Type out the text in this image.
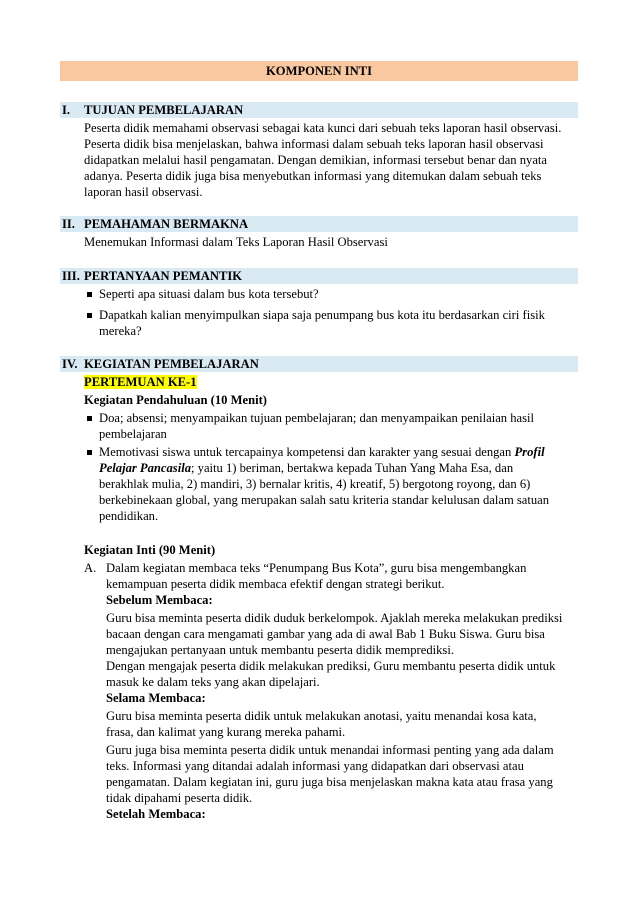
KOMPONEN INTI
I. TUJUAN PEMBELAJARAN
Peserta didik memahami observasi sebagai kata kunci dari sebuah teks laporan hasil observasi.
Peserta didik bisa menjelaskan, bahwa informasi dalam sebuah teks laporan hasil observasi
didapatkan melalui hasil pengamatan. Dengan demikian, informasi tersebut benar dan nyata
adanya. Peserta didik juga bisa menyebutkan informasi yang ditemukan dalam sebuah teks
laporan hasil observasi.
II. PEMAHAMAN BERMAKNA
Menemukan Informasi dalam Teks Laporan Hasil Observasi
III. PERTANYAAN PEMANTIK
Seperti apa situasi dalam bus kota tersebut?
Dapatkah kalian menyimpulkan siapa saja penumpang bus kota itu berdasarkan ciri fisik
mereka?
IV. KEGIATAN PEMBELAJARAN
PERTEMUAN KE-1
Kegiatan Pendahuluan (10 Menit)
Doa; absensi; menyampaikan tujuan pembelajaran; dan menyampaikan penilaian hasil
pembelajaran
Memotivasi siswa untuk tercapainya kompetensi dan karakter yang sesuai dengan Profil
Pelajar Pancasila; yaitu 1) beriman, bertakwa kepada Tuhan Yang Maha Esa, dan
berakhlak mulia, 2) mandiri, 3) bernalar kritis, 4) kreatif, 5) bergotong royong, dan 6)
berkebinekaan global, yang merupakan salah satu kriteria standar kelulusan dalam satuan
pendidikan.
Kegiatan Inti (90 Menit)
A. Dalam kegiatan membaca teks “Penumpang Bus Kota”, guru bisa mengembangkan
kemampuan peserta didik membaca efektif dengan strategi berikut.
Sebelum Membaca:
Guru bisa meminta peserta didik duduk berkelompok. Ajaklah mereka melakukan prediksi
bacaan dengan cara mengamati gambar yang ada di awal Bab 1 Buku Siswa. Guru bisa
mengajukan pertanyaan untuk membantu peserta didik memprediksi.
Dengan mengajak peserta didik melakukan prediksi, Guru membantu peserta didik untuk
masuk ke dalam teks yang akan dipelajari.
Selama Membaca:
Guru bisa meminta peserta didik untuk melakukan anotasi, yaitu menandai kosa kata,
frasa, dan kalimat yang kurang mereka pahami.
Guru juga bisa meminta peserta didik untuk menandai informasi penting yang ada dalam
teks. Informasi yang ditandai adalah informasi yang didapatkan dari observasi atau
pengamatan. Dalam kegiatan ini, guru juga bisa menjelaskan makna kata atau frasa yang
tidak dipahami peserta didik.
Setelah Membaca:
